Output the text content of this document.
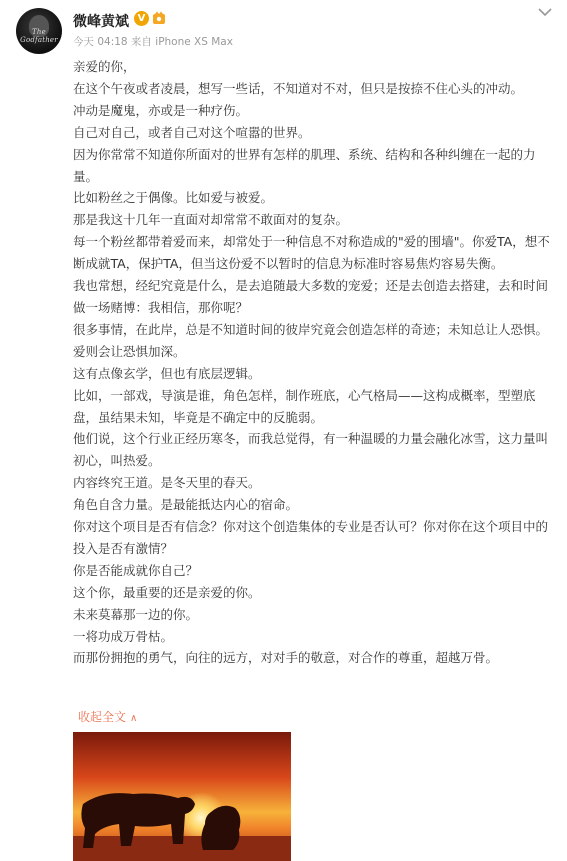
The Godfather
微峰黄斌 V
今天 04:18 来自 iPhone XS Max

亲爱的你，

在这个午夜或者凌晨，想写一些话，不知道对不对，但只是按捺不住心头的冲动。

冲动是魔鬼，亦或是一种疗伤。

自己对自己，或者自己对这个喧嚣的世界。

因为你常常不知道你所面对的世界有怎样的肌理、系统、结构和各种纠缠在一起的力量。

比如粉丝之于偶像。比如爱与被爱。

那是我这十几年一直面对却常常不敢面对的复杂。

每一个粉丝都带着爱而来，却常处于一种信息不对称造成的"爱的围墙"。你爱TA，想不断成就TA，保护TA，但当这份爱不以暂时的信息为标准时容易焦灼容易失衡。

我也常想，经纪究竟是什么，是去追随最大多数的宠爱；还是去创造去搭建，去和时间做一场赌博：我相信，那你呢？

很多事情，在此岸，总是不知道时间的彼岸究竟会创造怎样的奇迹；未知总让人恐惧。爱则会让恐惧加深。

这有点像玄学，但也有底层逻辑。

比如，一部戏，导演是谁，角色怎样，制作班底，心气格局——这构成概率，型塑底盘，虽结果未知，毕竟是不确定中的反脆弱。

他们说，这个行业正经历寒冬，而我总觉得，有一种温暖的力量会融化冰雪，这力量叫初心，叫热爱。

内容终究王道。是冬天里的春天。

角色自含力量。是最能抵达内心的宿命。

你对这个项目是否有信念？你对这个创造集体的专业是否认可？你对你在这个项目中的投入是否有激情？

你是否能成就你自己？

这个你，最重要的还是亲爱的你。

未来莫幕那一边的你。

一将功成万骨枯。

而那份拥抱的勇气，向往的远方，对对手的敬意，对合作的尊重，超越万骨。

收起全文 ∧
